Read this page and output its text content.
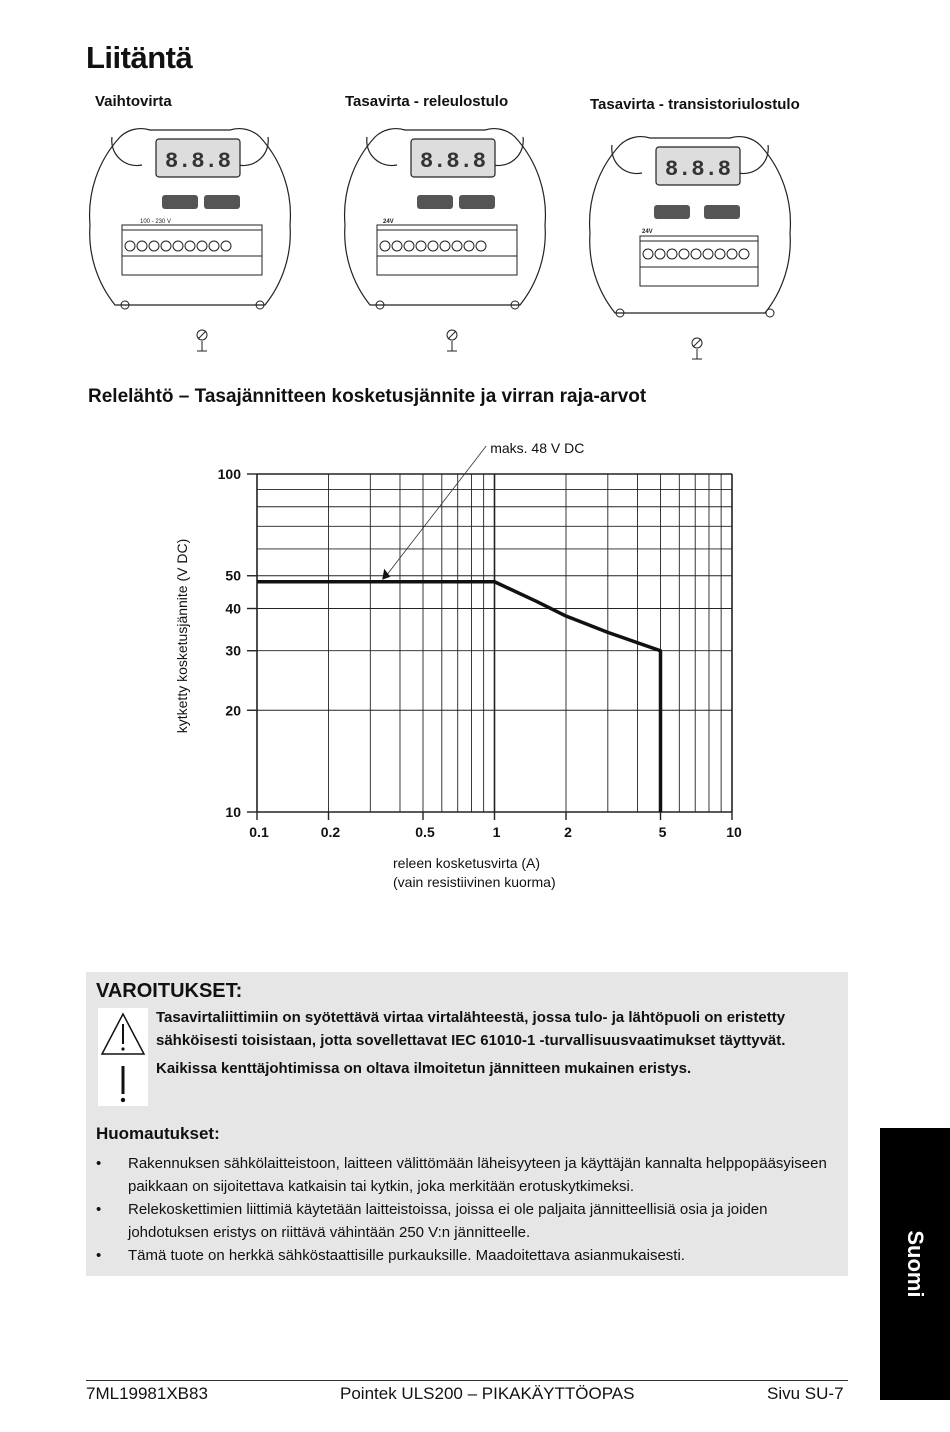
Liitäntä
Vaihtovirta	Tasavirta - releulostulo	Tasavirta - transistoriulostulo
8.8.8
100 - 230 V
8.8.8
24V
8.8.8
24V
Relelähtö – Tasajännitteen kosketusjännite ja virran raja-arvot
10
20
30
40
50
100
0.1	0.2	0.5	1	2	5	10
maks. 48 V DC
releen kosketusvirta (A)
(vain resistiivinen kuorma)
kytketty kosketusjännite (V DC)
VAROITUKSET:
Tasavirtaliittimiin on syötettävä virtaa virtalähteestä, jossa tulo- ja lähtöpuoli on eristetty
sähköisesti toisistaan, jotta sovellettavat IEC 61010-1 -turvallisuusvaatimukset täyttyvät.
Kaikissa kenttäjohtimissa on oltava ilmoitetun jännitteen mukainen eristys.
Huomautukset:
• Rakennuksen sähkölaitteistoon, laitteen välittömään läheisyyteen ja käyttäjän kannalta helppopääsyiseen paikkaan on sijoitettava katkaisin tai kytkin, joka merkitään erotuskytkimeksi.
• Relekoskettimien liittimiä käytetään laitteistoissa, joissa ei ole paljaita jännitteellisiä osia ja joiden johdotuksen eristys on riittävä vähintään 250 V:n jännitteelle.
• Tämä tuote on herkkä sähköstaattisille purkauksille. Maadoitettava asianmukaisesti.	Suomi
7ML19981XB83	Pointek ULS200 – PIKAKÄYTTÖOPAS	Sivu SU-7
